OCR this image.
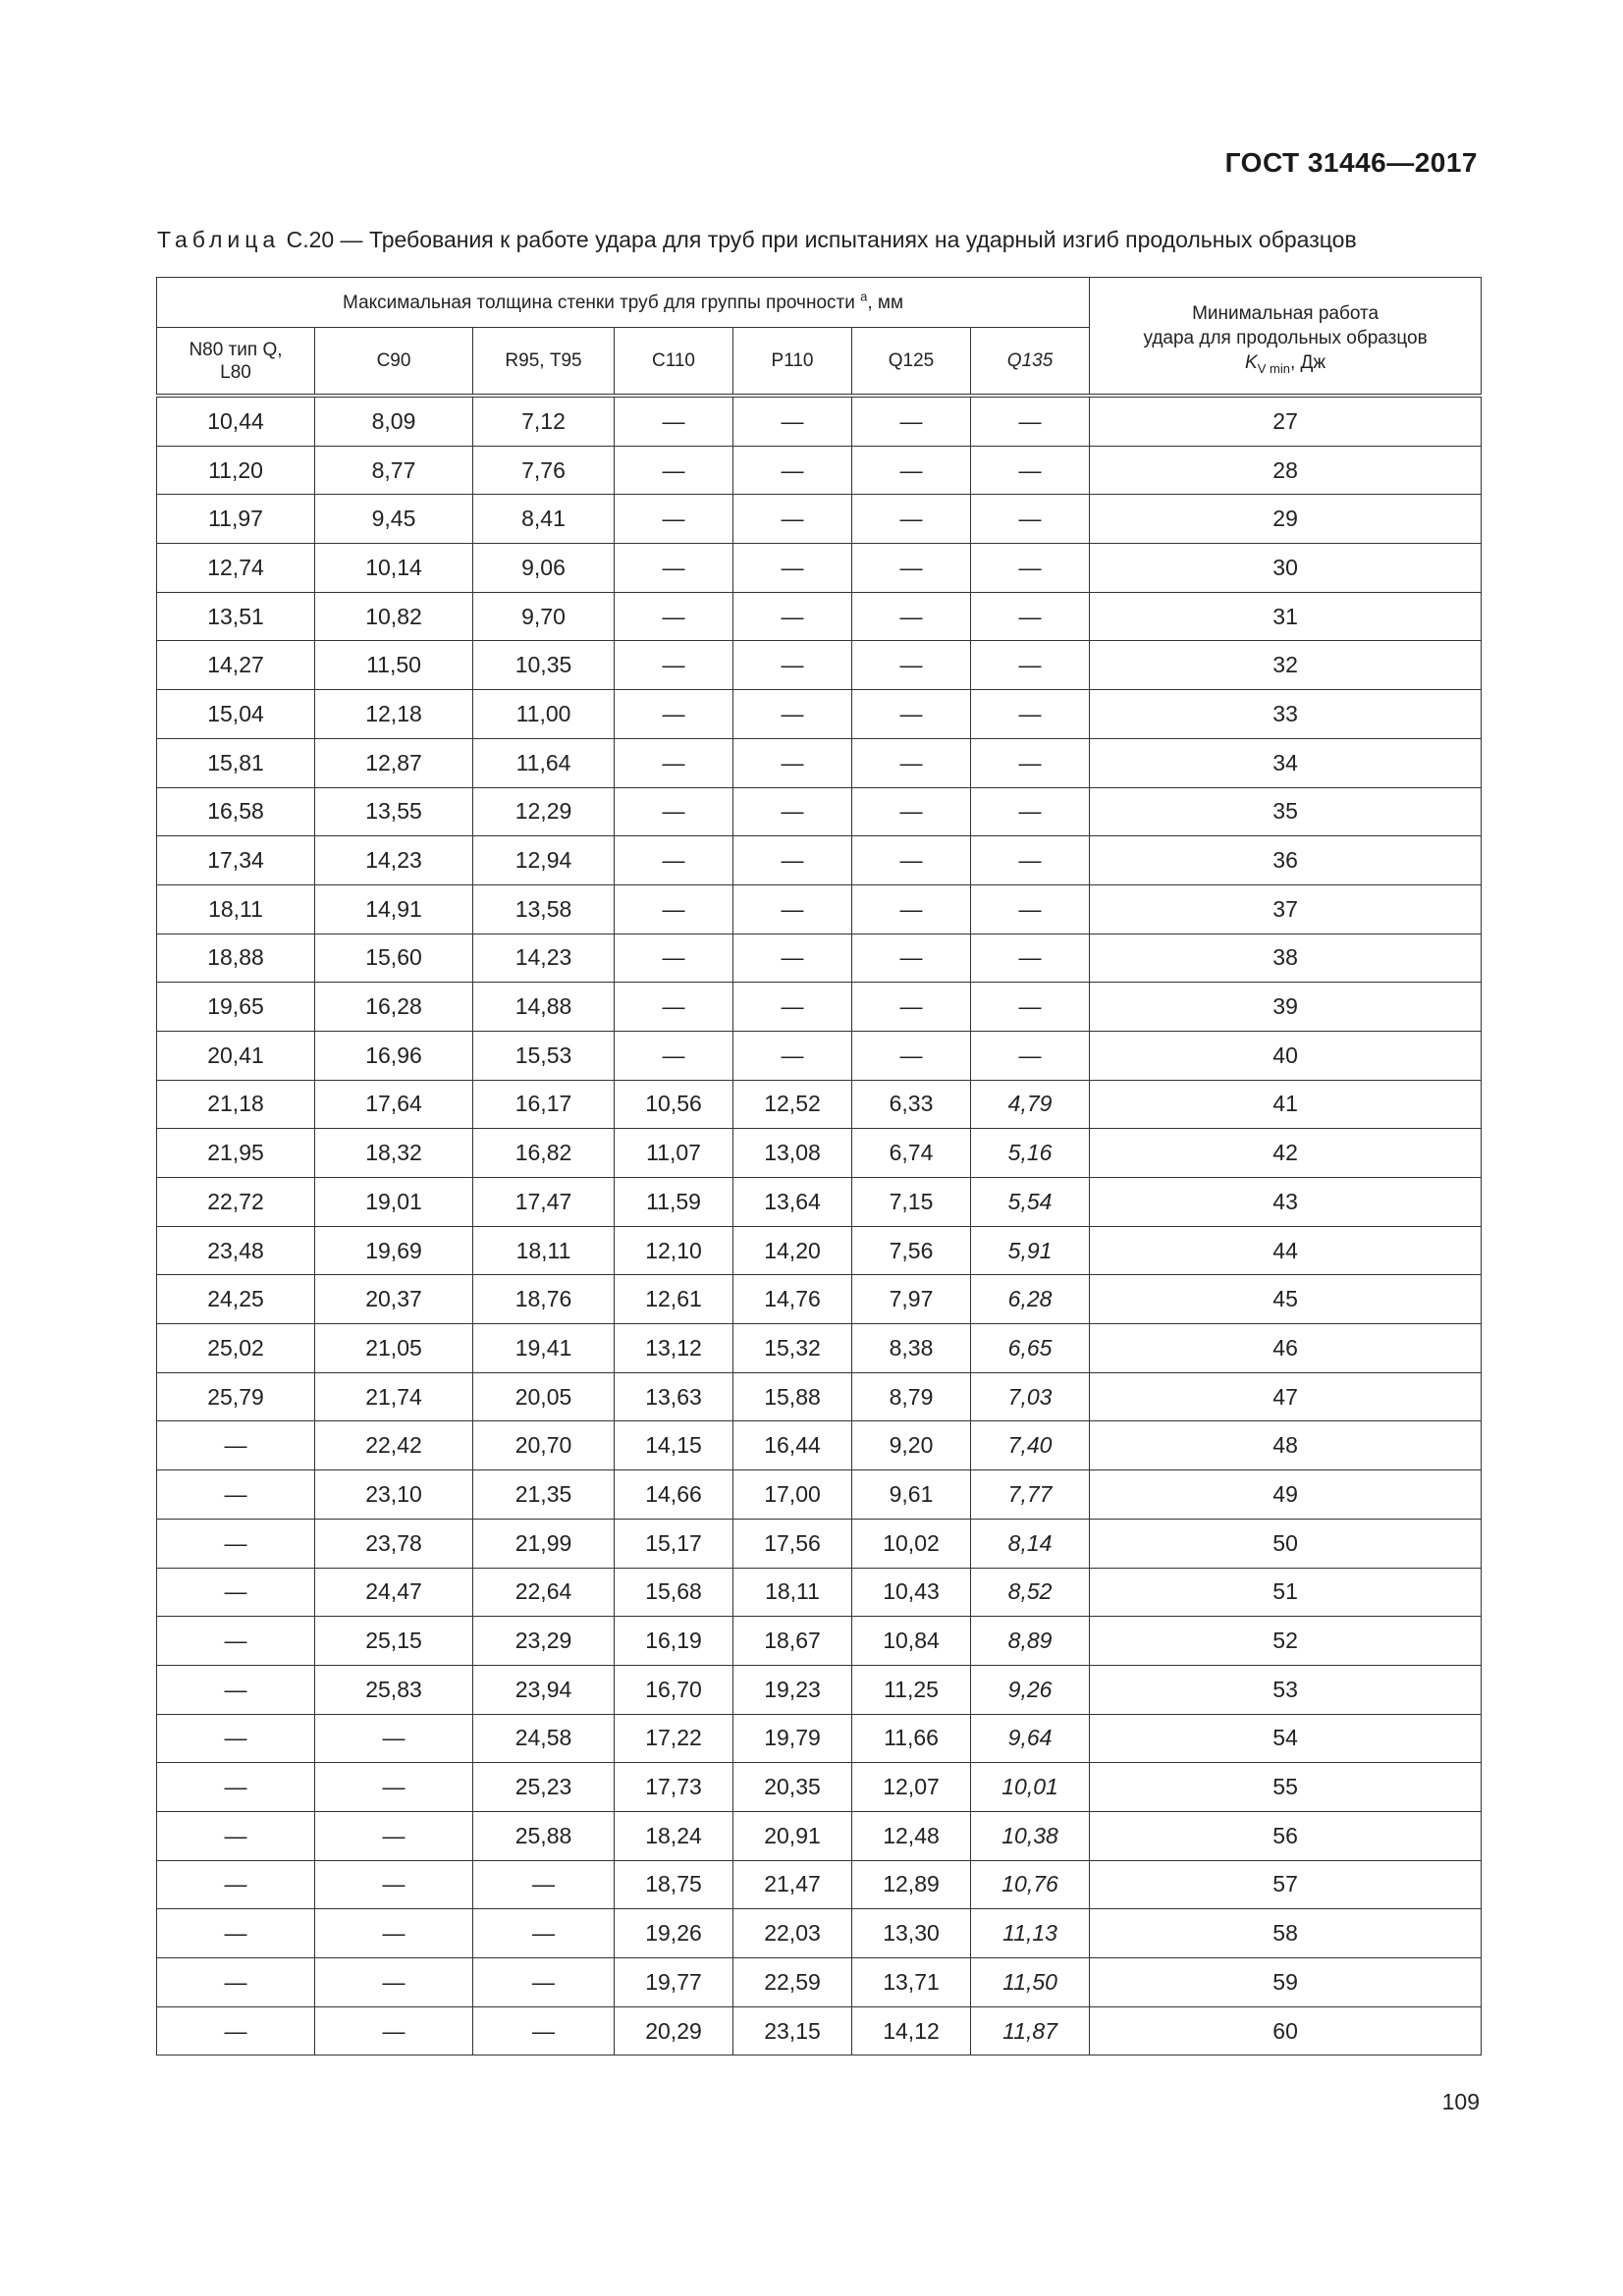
ГОСТ 31446—2017
Таблица С.20 — Требования к работе удара для труб при испытаниях на ударный изгиб продольных образцов
Максимальная толщина стенки труб для группы прочности $^a$, мм							Минимальная работа
удара для продольных образцов
$K_{V min}$, Дж

N80 тип Q,
L80	С90	R95, Т95	С110	Р110	Q125	Q135	

10,44	8,09	7,12	—	—	—	—	27
11,20	8,77	7,76	—	—	—	—	28
11,97	9,45	8,41	—	—	—	—	29
12,74	10,14	9,06	—	—	—	—	30
13,51	10,82	9,70	—	—	—	—	31
14,27	11,50	10,35	—	—	—	—	32
15,04	12,18	11,00	—	—	—	—	33
15,81	12,87	11,64	—	—	—	—	34
16,58	13,55	12,29	—	—	—	—	35
17,34	14,23	12,94	—	—	—	—	36
18,11	14,91	13,58	—	—	—	—	37
18,88	15,60	14,23	—	—	—	—	38
19,65	16,28	14,88	—	—	—	—	39
20,41	16,96	15,53	—	—	—	—	40
21,18	17,64	16,17	10,56	12,52	6,33	4,79	41
21,95	18,32	16,82	11,07	13,08	6,74	5,16	42
22,72	19,01	17,47	11,59	13,64	7,15	5,54	43
23,48	19,69	18,11	12,10	14,20	7,56	5,91	44
24,25	20,37	18,76	12,61	14,76	7,97	6,28	45
25,02	21,05	19,41	13,12	15,32	8,38	6,65	46
25,79	21,74	20,05	13,63	15,88	8,79	7,03	47
—	22,42	20,70	14,15	16,44	9,20	7,40	48
—	23,10	21,35	14,66	17,00	9,61	7,77	49
—	23,78	21,99	15,17	17,56	10,02	8,14	50
—	24,47	22,64	15,68	18,11	10,43	8,52	51
—	25,15	23,29	16,19	18,67	10,84	8,89	52
—	25,83	23,94	16,70	19,23	11,25	9,26	53
—	—	24,58	17,22	19,79	11,66	9,64	54
—	—	25,23	17,73	20,35	12,07	10,01	55
—	—	25,88	18,24	20,91	12,48	10,38	56
—	—	—	18,75	21,47	12,89	10,76	57
—	—	—	19,26	22,03	13,30	11,13	58
—	—	—	19,77	22,59	13,71	11,50	59
—	—	—	20,29	23,15	14,12	11,87	60
109
